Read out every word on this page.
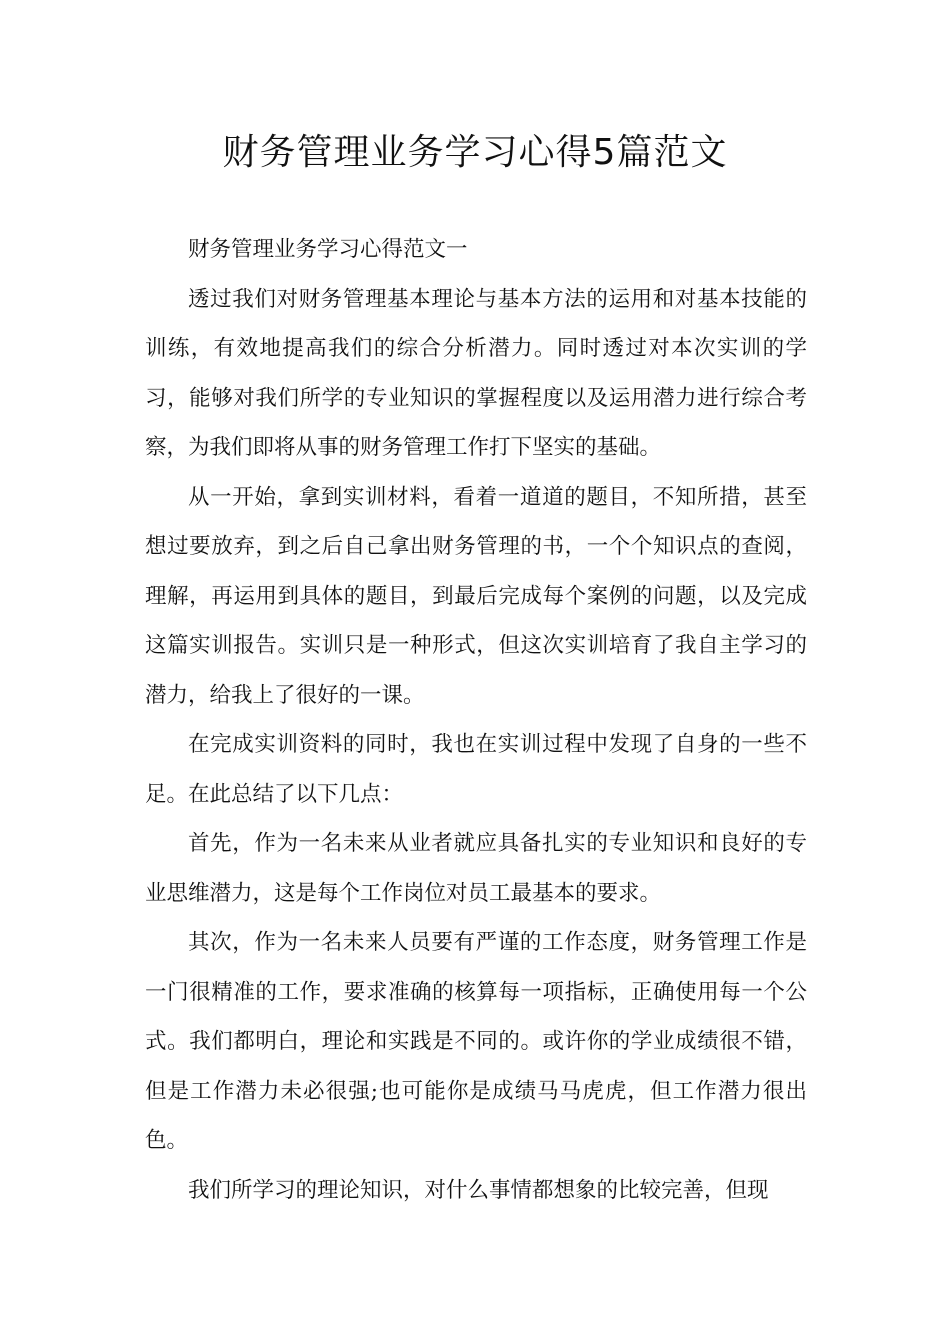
财务管理业务学习心得5篇范文

财务管理业务学习心得范文一

透过我们对财务管理基本理论与基本方法的运用和对基本技能的训练，有效地提高我们的综合分析潜力。同时透过对本次实训的学习，能够对我们所学的专业知识的掌握程度以及运用潜力进行综合考察，为我们即将从事的财务管理工作打下坚实的基础。

从一开始，拿到实训材料，看着一道道的题目，不知所措，甚至想过要放弃，到之后自己拿出财务管理的书，一个个知识点的查阅，理解，再运用到具体的题目，到最后完成每个案例的问题，以及完成这篇实训报告。实训只是一种形式，但这次实训培育了我自主学习的潜力，给我上了很好的一课。

在完成实训资料的同时，我也在实训过程中发现了自身的一些不足。在此总结了以下几点：

首先，作为一名未来从业者就应具备扎实的专业知识和良好的专业思维潜力，这是每个工作岗位对员工最基本的要求。

其次，作为一名未来人员要有严谨的工作态度，财务管理工作是一门很精准的工作，要求准确的核算每一项指标，正确使用每一个公式。我们都明白，理论和实践是不同的。或许你的学业成绩很不错，但是工作潜力未必很强;也可能你是成绩马马虎虎，但工作潜力很出色。

我们所学习的理论知识，对什么事情都想象的比较完善，但现
